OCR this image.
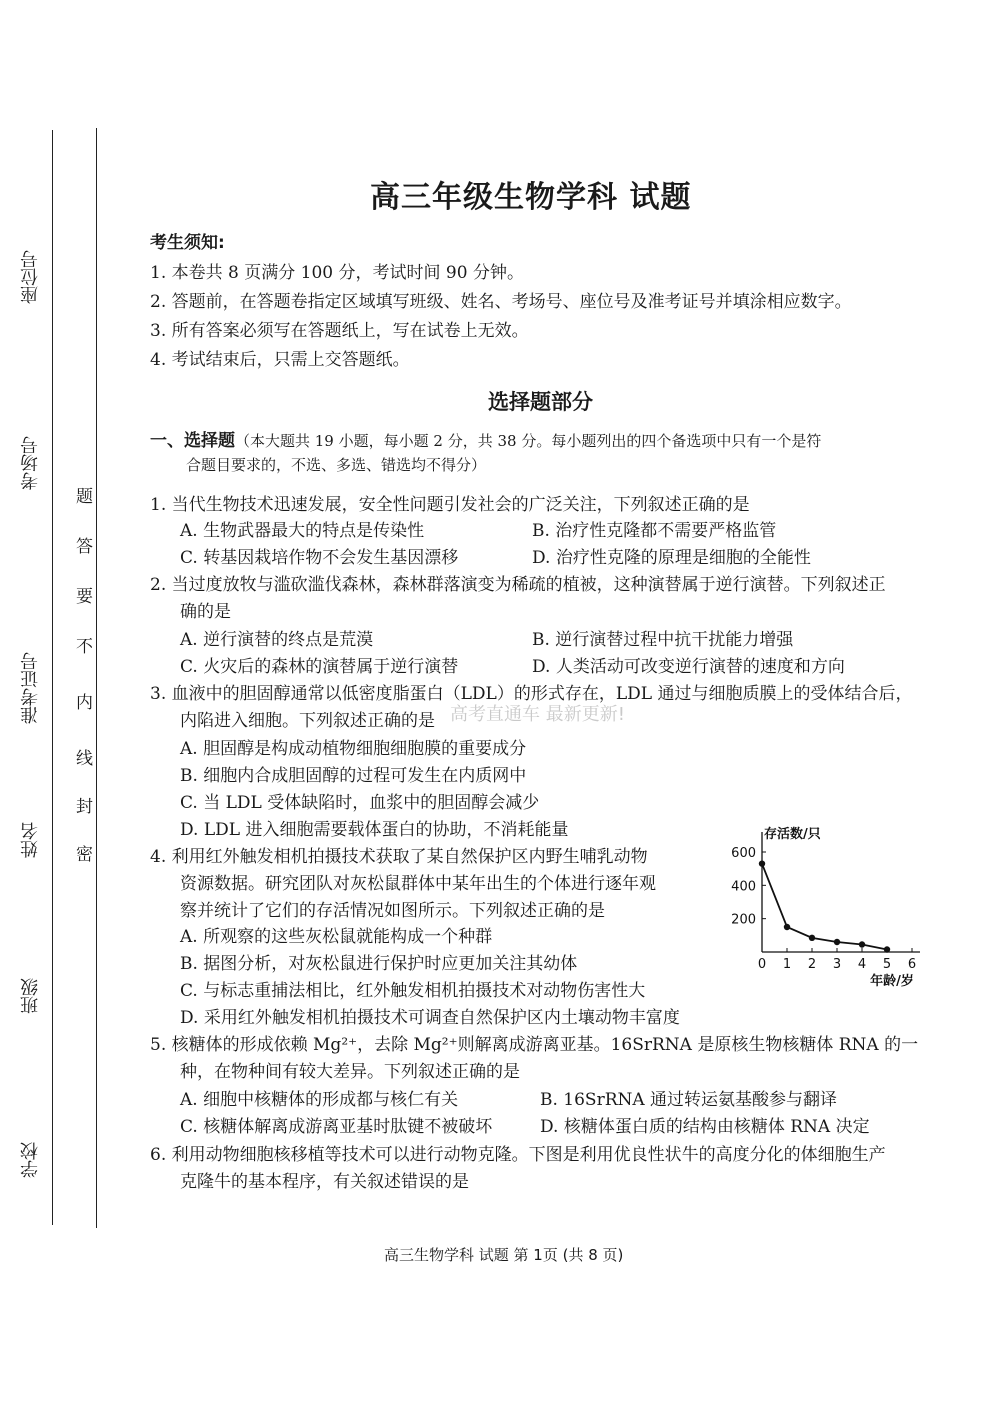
座位号
考场号
准考证号
姓名
班级
学校
题
答
要
不
内
线
封
密
高三年级生物学科 试题
考生须知:
1. 本卷共 8 页满分 100 分，考试时间 90 分钟。
2. 答题前，在答题卷指定区域填写班级、姓名、考场号、座位号及准考证号并填涂相应数字。
3. 所有答案必须写在答题纸上，写在试卷上无效。
4. 考试结束后，只需上交答题纸。
选择题部分
一、选择题（本大题共 19 小题，每小题 2 分，共 38 分。每小题列出的四个备选项中只有一个是符
合题目要求的，不选、多选、错选均不得分）
1. 当代生物技术迅速发展，安全性问题引发社会的广泛关注，下列叙述正确的是
A. 生物武器最大的特点是传染性	B. 治疗性克隆都不需要严格监管
C. 转基因栽培作物不会发生基因漂移	D. 治疗性克隆的原理是细胞的全能性
2. 当过度放牧与滥砍滥伐森林，森林群落演变为稀疏的植被，这种演替属于逆行演替。下列叙述正
确的是
A. 逆行演替的终点是荒漠	B. 逆行演替过程中抗干扰能力增强
C. 火灾后的森林的演替属于逆行演替	D. 人类活动可改变逆行演替的速度和方向
3. 血液中的胆固醇通常以低密度脂蛋白（LDL）的形式存在，LDL 通过与细胞质膜上的受体结合后，
内陷进入细胞。下列叙述正确的是 高考直通车 最新更新!
A. 胆固醇是构成动植物细胞细胞膜的重要成分
B. 细胞内合成胆固醇的过程可发生在内质网中
C. 当 LDL 受体缺陷时，血浆中的胆固醇会减少
D. LDL 进入细胞需要载体蛋白的协助，不消耗能量
4. 利用红外触发相机拍摄技术获取了某自然保护区内野生哺乳动物
资源数据。研究团队对灰松鼠群体中某年出生的个体进行逐年观
察并统计了它们的存活情况如图所示。下列叙述正确的是
A. 所观察的这些灰松鼠就能构成一个种群
B. 据图分析，对灰松鼠进行保护时应更加关注其幼体
C. 与标志重捕法相比，红外触发相机拍摄技术对动物伤害性大
D. 采用红外触发相机拍摄技术可调查自然保护区内土壤动物丰富度
200
400
600
0 1 2 3 4 5 6
存活数/只
年龄/岁
5. 核糖体的形成依赖 Mg²⁺，去除 Mg²⁺则解离成游离亚基。16SrRNA 是原核生物核糖体 RNA 的一
种，在物种间有较大差异。下列叙述正确的是
A. 细胞中核糖体的形成都与核仁有关	B. 16SrRNA 通过转运氨基酸参与翻译
C. 核糖体解离成游离亚基时肽键不被破坏	D. 核糖体蛋白质的结构由核糖体 RNA 决定
6. 利用动物细胞核移植等技术可以进行动物克隆。下图是利用优良性状牛的高度分化的体细胞生产
克隆牛的基本程序，有关叙述错误的是
高三生物学科 试题 第 1页 (共 8 页)
